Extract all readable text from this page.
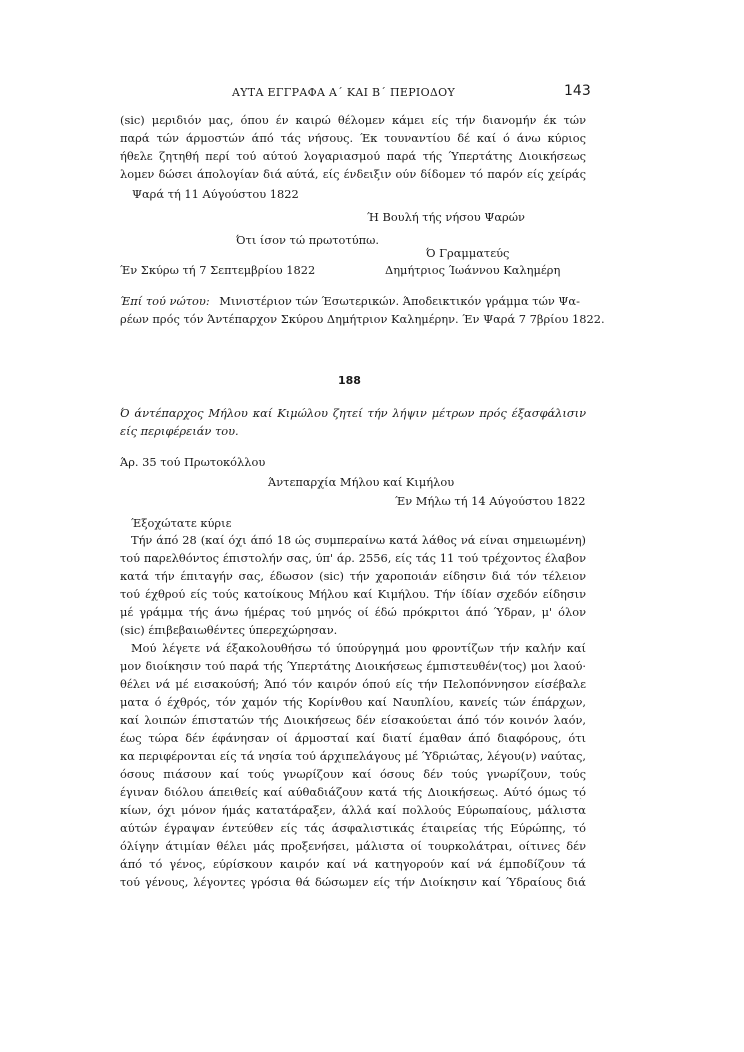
ΑΥΤΑ ΕΓΓΡΑΦΑ Α΄ ΚΑΙ Β΄ ΠΕΡΙΟΔΟΥ	143
(sic) μεριδιόν μας, όπου έν καιρώ θέλομεν κάμει είς τήν διανομήν έκ τών
παρά τών άρμοστών άπό τάς νήσους. Έκ τουναντίου δέ καί ό άνω κύριος
ήθελε ζητηθή περί τού αύτού λογαριασμού παρά τής Ύπερτάτης Διοικήσεως
λομεν δώσει άπολογίαν διά αύτά, είς ένδειξιν ούν δίδομεν τό παρόν είς χείράς
Ψαρά τή 11 Αύγούστου 1822
Ή Βουλή τής νήσου Ψαρών
Ότι ίσον τώ πρωτοτύπω.
Ό Γραμματεύς
Έν Σκύρω τή 7 Σεπτεμβρίου 1822	Δημήτριος Ίωάννου Καλημέρη
Έπί τού νώτου: Μινιστέριον τών Έσωτερικών. Άποδεικτικόν γράμμα τών Ψα-
ρέων πρός τόν Άντέπαρχον Σκύρου Δημήτριον Καλημέρην. Έν Ψαρά 7 7βρίου 1822.
188
Ό άντέπαρχος Μήλου καί Κιμώλου ζητεί τήν λήψιν μέτρων πρός έξασφάλισιν
είς περιφέρειάν του.
Άρ. 35 τού Πρωτοκόλλου
Άντεπαρχία Μήλου καί Κιμήλου
Έν Μήλω τή 14 Αύγούστου 1822
Έξοχώτατε κύριε
Τήν άπό 28 (καί όχι άπό 18 ώς συμπεραίνω κατά λάθος νά είναι σημειωμένη)
τού παρελθόντος έπιστολήν σας, ύπ' άρ. 2556, είς τάς 11 τού τρέχοντος έλαβον
κατά τήν έπιταγήν σας, έδωσον (sic) τήν χαροποιάν είδησιν διά τόν τέλειον
τού έχθρού είς τούς κατοίκους Μήλου καί Κιμήλου. Τήν ίδίαν σχεδόν είδησιν
μέ γράμμα τής άνω ήμέρας τού μηνός οί έδώ πρόκριτοι άπό Ύδραν, μ' όλον
(sic) έπιβεβαιωθέντες ύπερεχώρησαν.
Μού λέγετε νά έξακολουθήσω τό ύπούργημά μου φροντίζων τήν καλήν καί
μον διοίκησιν τού παρά τής Ύπερτάτης Διοικήσεως έμπιστευθέν(τος) μοι λαού·
θέλει νά μέ εισακούσή; Άπό τόν καιρόν όπού είς τήν Πελοπόννησον είσέβαλε
ματα ό έχθρός, τόν χαμόν τής Κορίνθου καί Ναυπλίου, κανείς τών έπάρχων,
καί λοιπών έπιστατών τής Διοικήσεως δέν είσακούεται άπό τόν κοινόν λαόν,
έως τώρα δέν έφάνησαν οί άρμοσταί καί διατί έμαθαν άπό διαφόρους, ότι
κα περιφέρονται είς τά νησία τού άρχιπελάγους μέ Ύδριώτας, λέγου(ν) ναύτας,
όσους πιάσουν καί τούς γνωρίζουν καί όσους δέν τούς γνωρίζουν, τούς
έγιναν διόλου άπειθείς καί αύθαδιάζουν κατά τής Διοικήσεως. Αύτό όμως τό
κίων, όχι μόνον ήμάς κατατάραξεν, άλλά καί πολλούς Εύρωπαίους, μάλιστα
αύτών έγραψαν έντεύθεν είς τάς άσφαλιστικάς έταιρείας τής Εύρώπης, τό
όλίγην άτιμίαν θέλει μάς προξενήσει, μάλιστα οί τουρκολάτραι, οίτινες δέν
άπό τό γένος, εύρίσκουν καιρόν καί νά κατηγορούν καί νά έμποδίζουν τά
τού γένους, λέγοντες γρόσια θά δώσωμεν είς τήν Διοίκησιν καί Ύδραίους διά
